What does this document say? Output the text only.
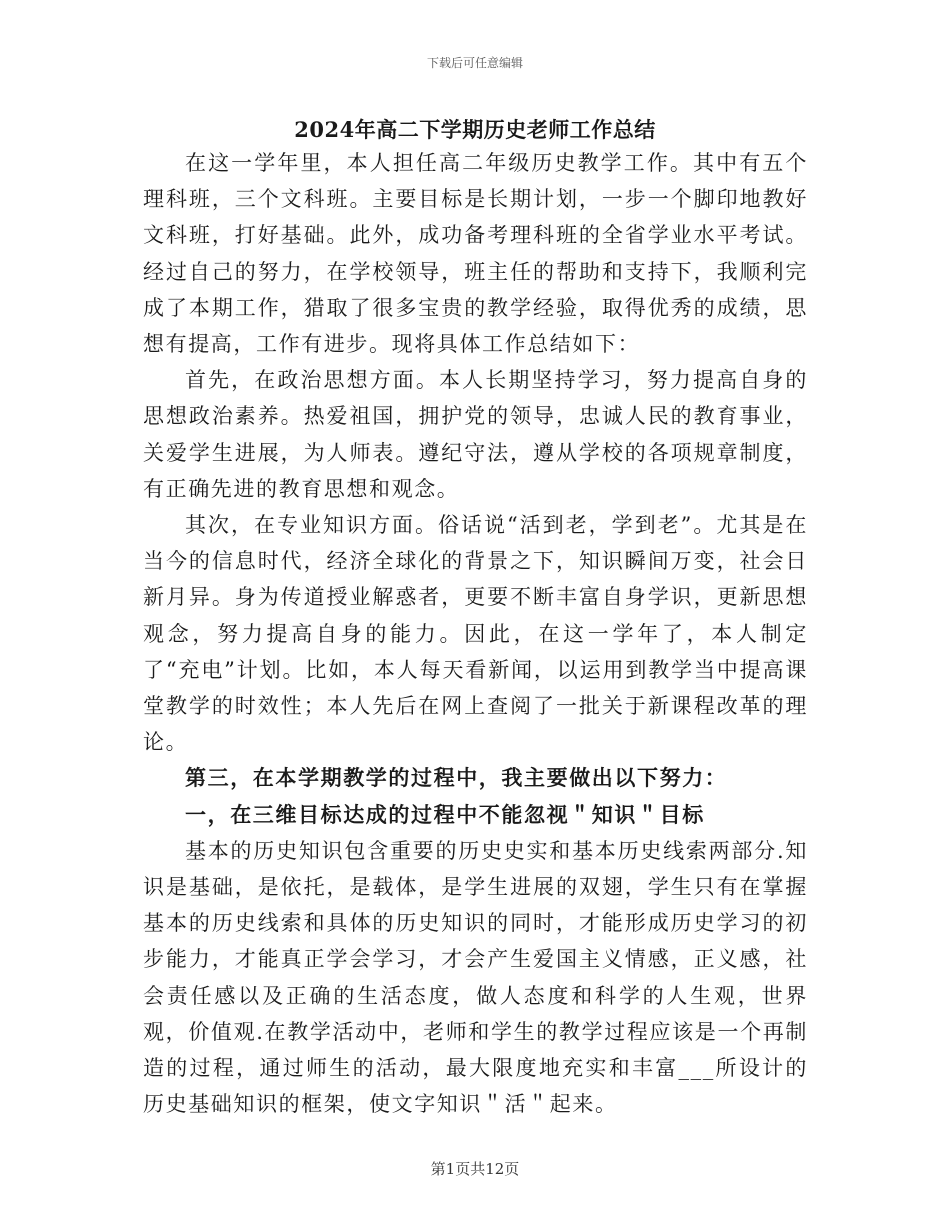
下载后可任意编辑
2024年高二下学期历史老师工作总结

在这一学年里，本人担任高二年级历史教学工作。其中有五个理科班，三个文科班。主要目标是长期计划，一步一个脚印地教好文科班，打好基础。此外，成功备考理科班的全省学业水平考试。经过自己的努力，在学校领导，班主任的帮助和支持下，我顺利完成了本期工作，猎取了很多宝贵的教学经验，取得优秀的成绩，思想有提高，工作有进步。现将具体工作总结如下：

首先，在政治思想方面。本人长期坚持学习，努力提高自身的思想政治素养。热爱祖国，拥护党的领导，忠诚人民的教育事业，关爱学生进展，为人师表。遵纪守法，遵从学校的各项规章制度，有正确先进的教育思想和观念。

其次，在专业知识方面。俗话说“活到老，学到老”。尤其是在当今的信息时代，经济全球化的背景之下，知识瞬间万变，社会日新月异。身为传道授业解惑者，更要不断丰富自身学识，更新思想观念，努力提高自身的能力。因此，在这一学年了，本人制定了“充电”计划。比如，本人每天看新闻，以运用到教学当中提高课堂教学的时效性；本人先后在网上查阅了一批关于新课程改革的理论。

第三，在本学期教学的过程中，我主要做出以下努力：

一，在三维目标达成的过程中不能忽视＂知识＂目标

基本的历史知识包含重要的历史史实和基本历史线索两部分.知识是基础，是依托，是载体，是学生进展的双翅，学生只有在掌握基本的历史线索和具体的历史知识的同时，才能形成历史学习的初步能力，才能真正学会学习，才会产生爱国主义情感，正义感，社会责任感以及正确的生活态度，做人态度和科学的人生观，世界观，价值观.在教学活动中，老师和学生的教学过程应该是一个再制造的过程，通过师生的活动，最大限度地充实和丰富___所设计的历史基础知识的框架，使文字知识＂活＂起来。

第1页共12页
